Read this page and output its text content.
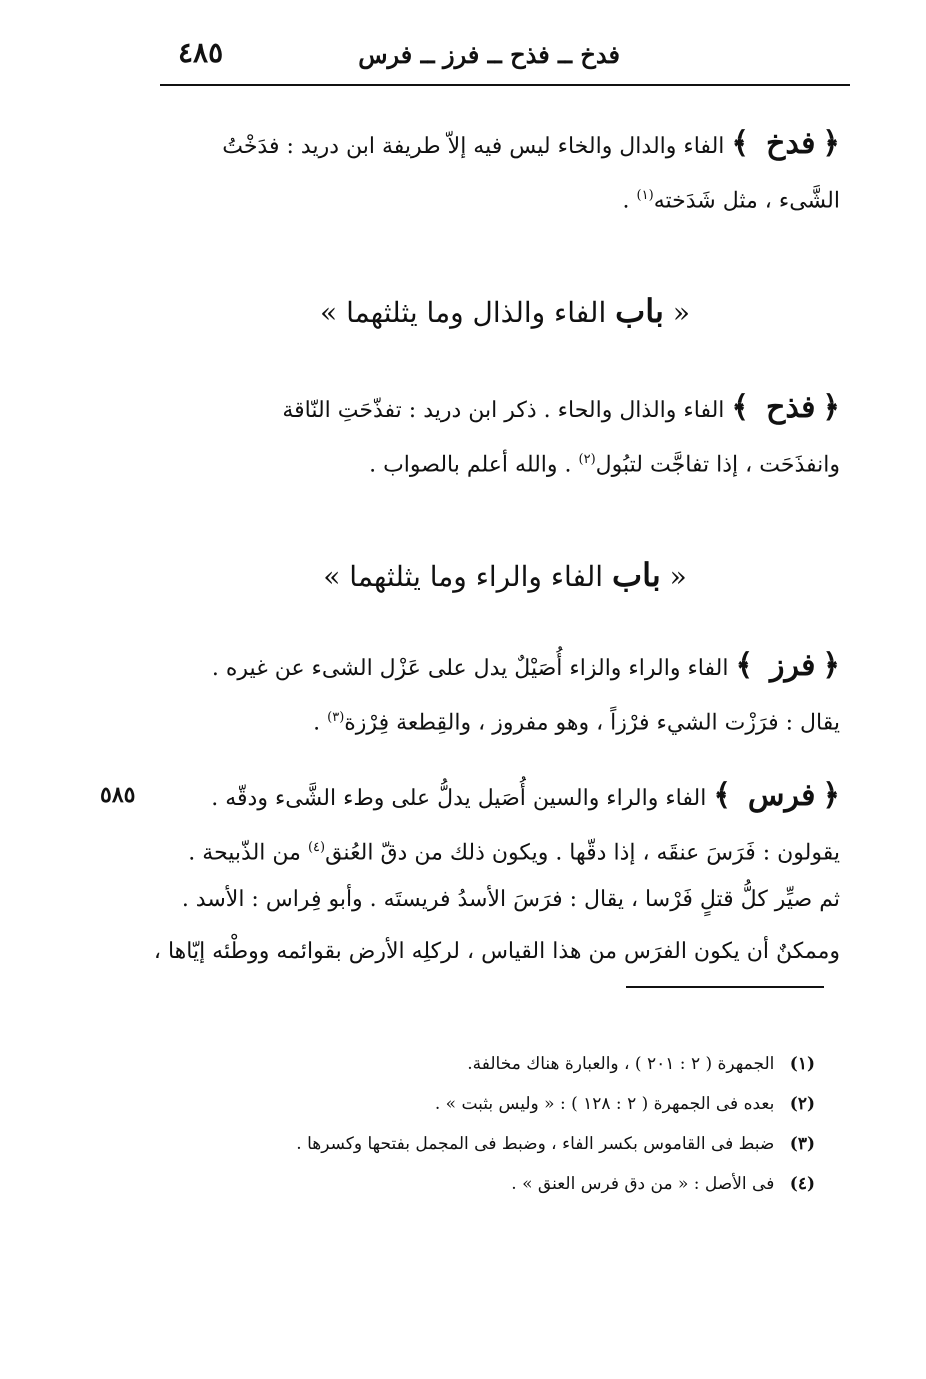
فدخ ــ فذح ــ فرز ــ فرس
٤٨٥
﴿ فدخ ﴾ الفاء والدال والخاء ليس فيه إلاّ طريفة ابن دريد : فدَخْتُ
الشَّىء ، مثل شَدَخته$^{(١)}$ .
« باب الفاء والذال وما يثلثهما »
﴿ فذح ﴾ الفاء والذال والحاء . ذكر ابن دريد : تفذّحَتِ النّاقة
وانفذَحَت ، إذا تفاجَّت لتبُول$^{(٢)}$ . والله أعلم بالصواب .
« باب الفاء والراء وما يثلثهما »
﴿ فرز ﴾ الفاء والراء والزاء أُصَيْلٌ يدل على عَزْل الشىء عن غيره .
يقال : فرَزْت الشيء فرْزاً ، وهو مفروز ، والقِطعة فِرْزة$^{(٣)}$ .
٥٨٥	﴿ فرس ﴾ الفاء والراء والسين أُصَيل يدلُّ على وطء الشَّىء ودقّه .
يقولون : فَرَسَ عنقَه ، إذا دقّها . ويكون ذلك من دقّ العُنق$^{(٤)}$ من الذّبيحة .
ثم صيِّر كلُّ قتلٍ فَرْسا ، يقال : فرَسَ الأسدُ فريستَه . وأبو فِراس : الأسد .
وممكنٌ أن يكون الفرَس من هذا القياس ، لركلِه الأرض بقوائمه ووطْئه إيّاها ،
(١) الجمهرة ( ٢ : ٢٠١ ) ، والعبارة هناك مخالفة.
(٢) بعده فى الجمهرة ( ٢ : ١٢٨ ) : « وليس بثبت » .
(٣) ضبط فى القاموس بكسر الفاء ، وضبط فى المجمل بفتحها وكسرها .
(٤) فى الأصل : « من دق فرس العنق » .
